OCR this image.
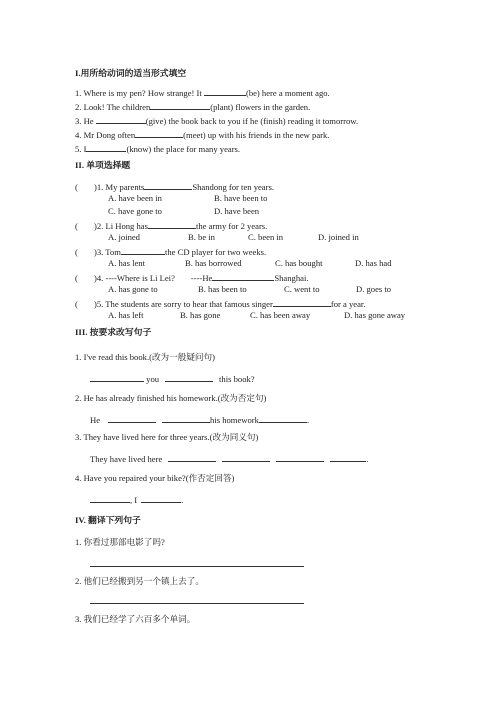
I.用所给动词的适当形式填空
1. Where is my pen? How strange! It	(be) here a moment ago.
2. Look! The children	(plant) flowers in the garden.
3. He	(give) the book back to you if he (finish) reading it tomorrow.
4. Mr Dong often	(meet) up with his friends in the new park.
5. I	(know) the place for many years.
II. 单项选择题
( )1. My parents	Shandong for ten years.
A. have been in	B. have been to
C. have gone to	D. have been
( )2. Li Hong has	the army for 2 years.
A. joined	B. be in	C. been in	D. joined in
( )3. Tom	the CD player for two weeks.
A. has lent	B. has borrowed	C. has bought	D. has had
( )4. ----Where is Li Lei? ----He	Shanghai.
A. has gone to	B. has been to	C. went to	D. goes to
( )5. The students are sorry to hear that famous singer	for a year.
A. has left	B. has gone	C. has been away	D. has gone away
III. 按要求改写句子
1. I've read this book.(改为一般疑问句)
you	this book?
2. He has already finished his homework.(改为否定句)
He	his homework	.
3. They have lived here for three years.(改为同义句)
They have lived here	.
4. Have you repaired your bike?(作否定回答)
, I	.
IV. 翻译下列句子
1. 你看过那部电影了吗?
2. 他们已经搬到另一个镇上去了。
3. 我们已经学了六百多个单词。
